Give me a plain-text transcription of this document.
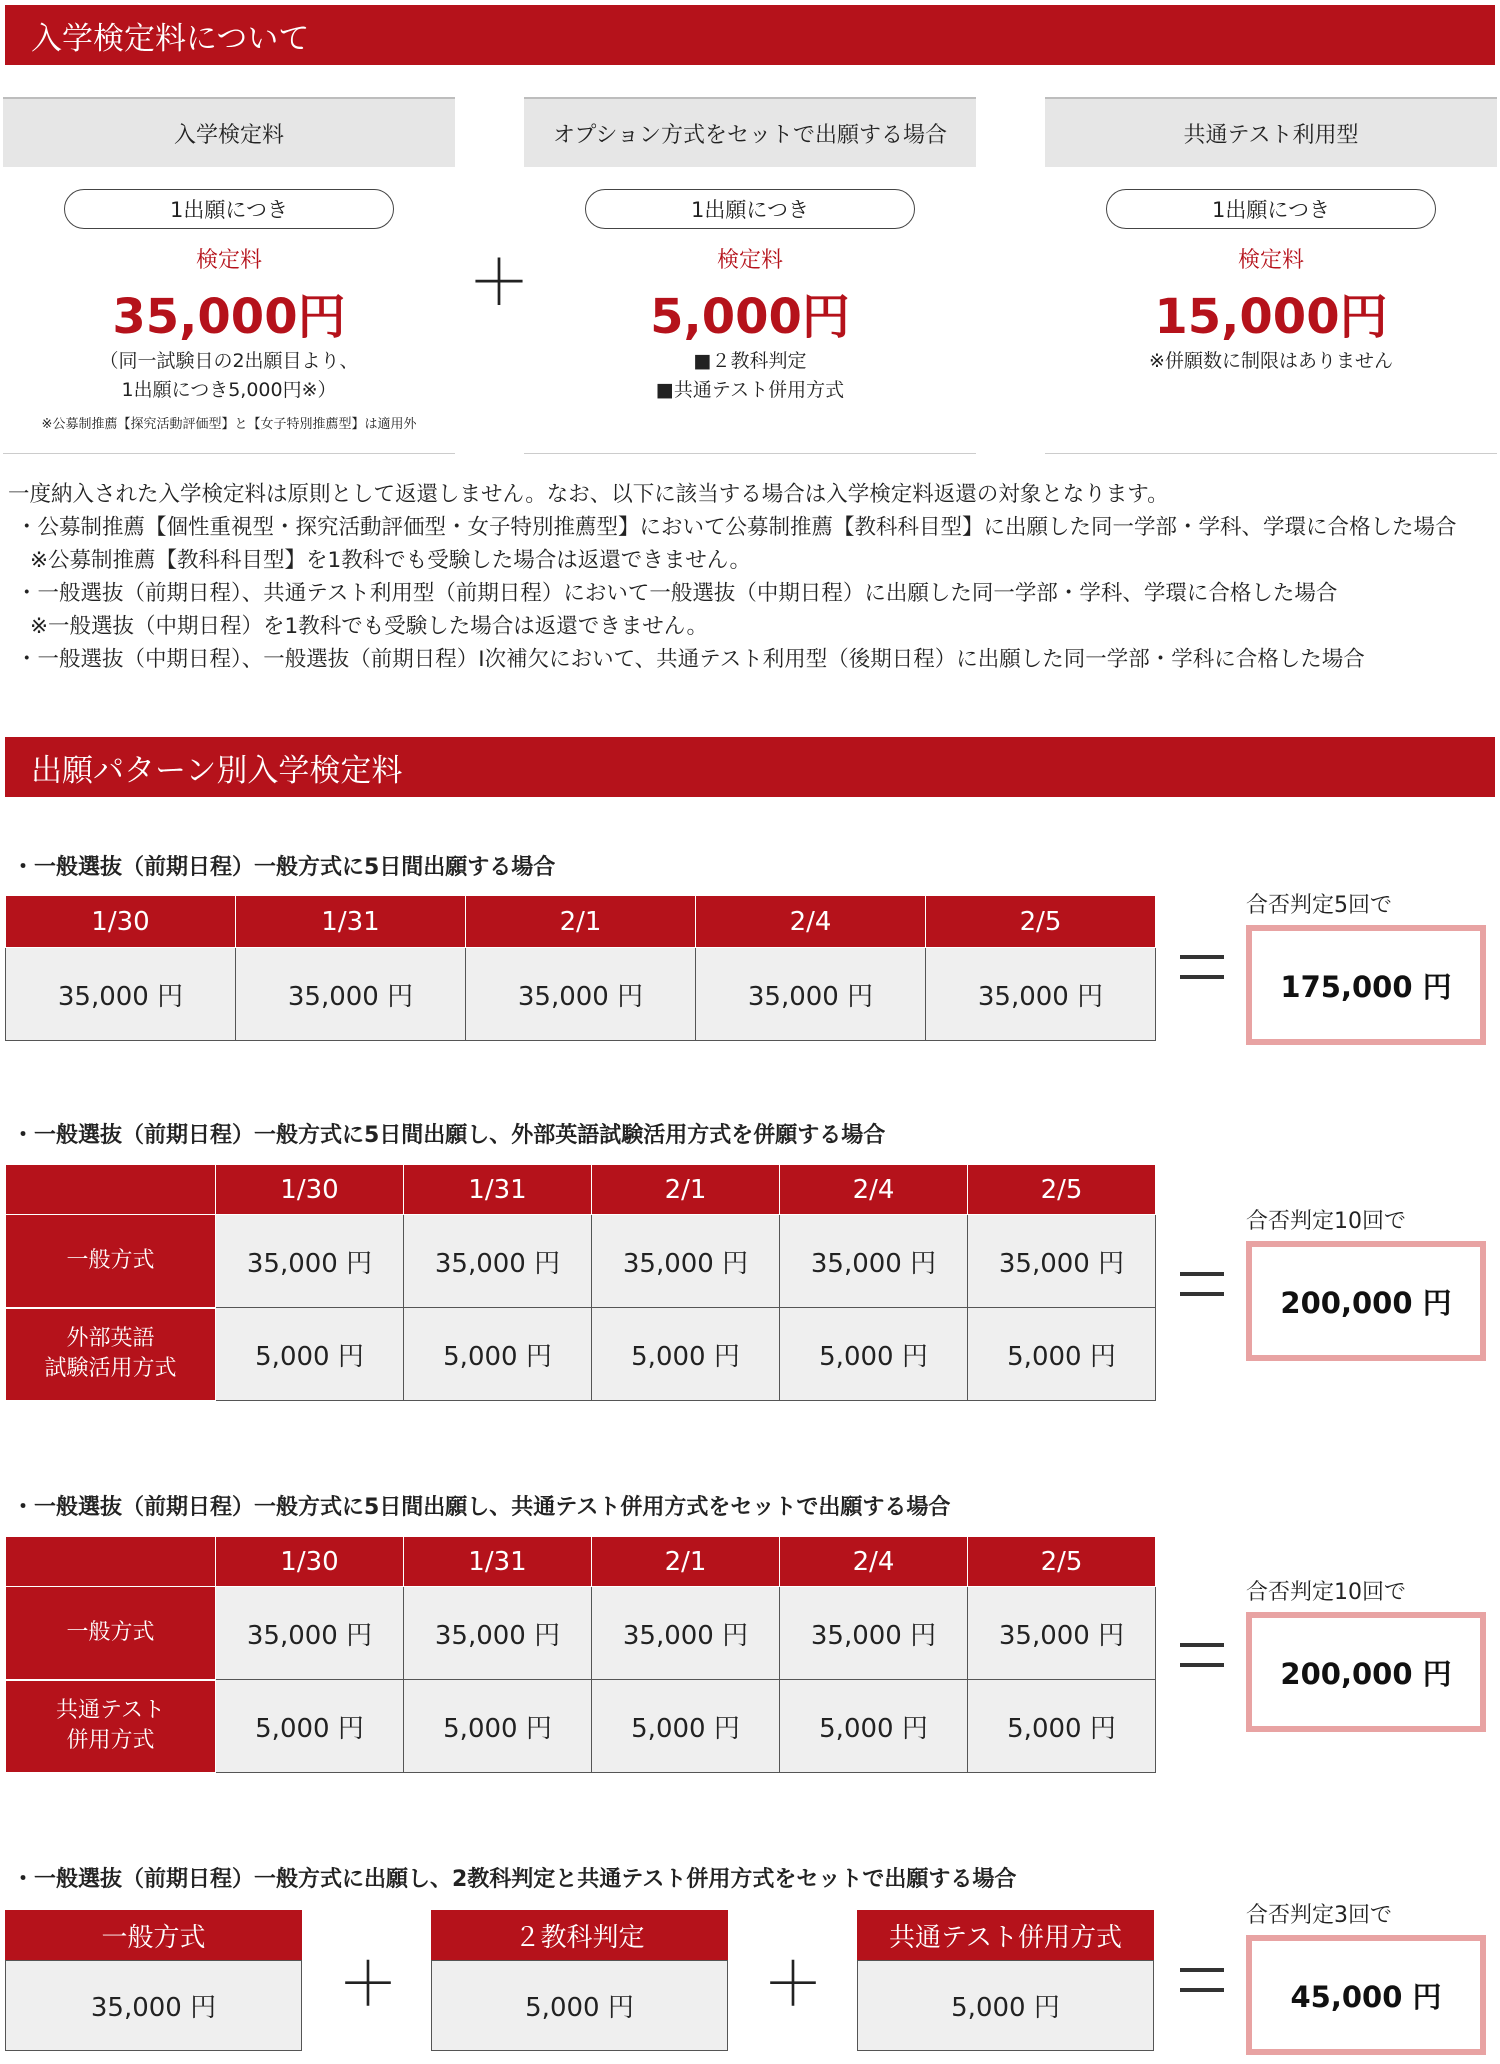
入学検定料について
入学検定料
1出願につき
検定料
35,000円
（同一試験日の2出願目より、
1出願につき5,000円※）
※公募制推薦【探究活動評価型】と【女子特別推薦型】は適用外
＋
オプション方式をセットで出願する場合
1出願につき
検定料
5,000円
■２教科判定
■共通テスト併用方式
共通テスト利用型
1出願につき
検定料
15,000円
※併願数に制限はありません
一度納入された入学検定料は原則として返還しません。なお、以下に該当する場合は入学検定料返還の対象となります。
・公募制推薦【個性重視型・探究活動評価型・女子特別推薦型】において公募制推薦【教科科目型】に出願した同一学部・学科、学環に合格した場合
※公募制推薦【教科科目型】を1教科でも受験した場合は返還できません。
・一般選抜（前期日程）、共通テスト利用型（前期日程）において一般選抜（中期日程）に出願した同一学部・学科、学環に合格した場合
※一般選抜（中期日程）を1教科でも受験した場合は返還できません。
・一般選抜（中期日程）、一般選抜（前期日程）Ⅰ次補欠において、共通テスト利用型（後期日程）に出願した同一学部・学科に合格した場合
出願パターン別入学検定料
・一般選抜（前期日程）一般方式に5日間出願する場合
1/30	1/31	2/1	2/4	2/5
35,000 円	35,000 円	35,000 円	35,000 円	35,000 円
合否判定5回で
175,000 円
・一般選抜（前期日程）一般方式に5日間出願し、外部英語試験活用方式を併願する場合
	1/30	1/31	2/1	2/4	2/5
一般方式	35,000 円	35,000 円	35,000 円	35,000 円	35,000 円

外部英語
試験活用方式	5,000 円	5,000 円	5,000 円	5,000 円	5,000 円
合否判定10回で
200,000 円
・一般選抜（前期日程）一般方式に5日間出願し、共通テスト併用方式をセットで出願する場合
	1/30	1/31	2/1	2/4	2/5
一般方式	35,000 円	35,000 円	35,000 円	35,000 円	35,000 円

共通テスト
併用方式	5,000 円	5,000 円	5,000 円	5,000 円	5,000 円
合否判定10回で
200,000 円
・一般選抜（前期日程）一般方式に出願し、2教科判定と共通テスト併用方式をセットで出願する場合
一般方式
35,000 円	＋
２教科判定
5,000 円	＋
共通テスト併用方式
5,000 円
合否判定3回で
45,000 円
